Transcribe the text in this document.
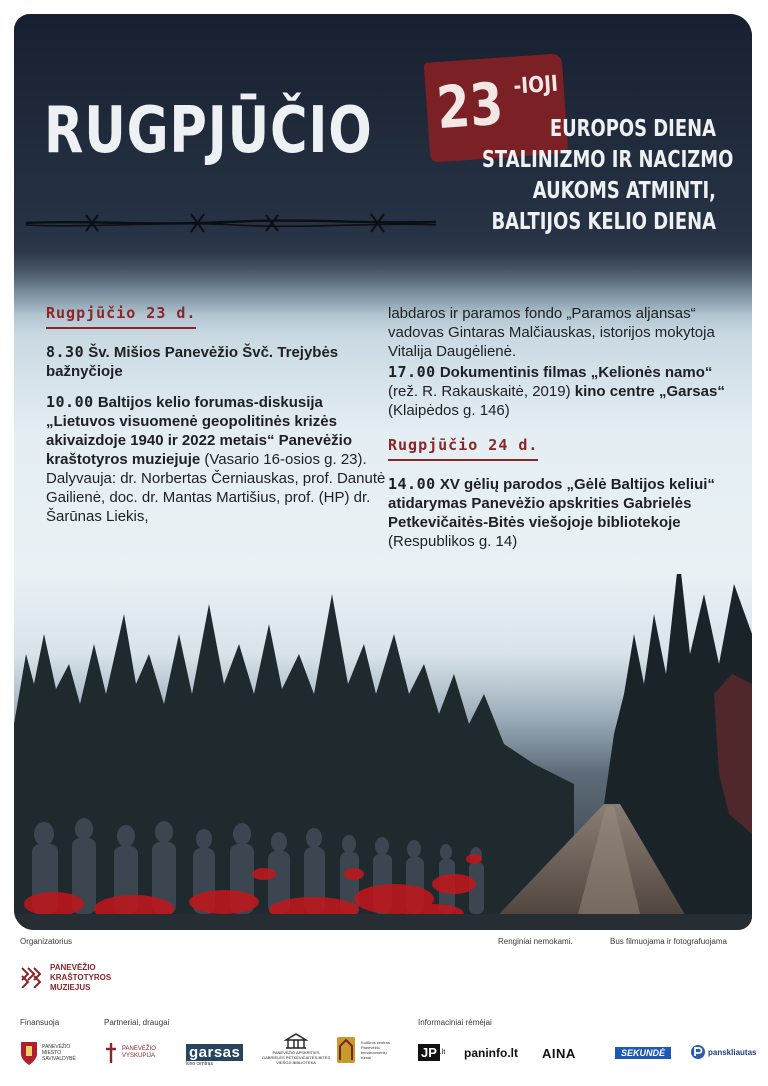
RUGPJŪČIO 23 -IOJI
EUROPOS DIENA
STALINIZMO IR NACIZMO
AUKOMS ATMINTI,
BALTIJOS KELIO DIENA
Rugpjūčio 23 d.
8.30 Šv. Mišios Panevėžio Švč. Trejybės bažnyčioje
10.00 Baltijos kelio forumas-diskusija „Lietuvos visuomenė geopolitinės krizės akivaizdoje 1940 ir 2022 metais“ Panevėžio kraštotyros muziejuje (Vasario 16-osios g. 23). Dalyvauja: dr. Norbertas Černiauskas, prof. Danutė Gailienė, doc. dr. Mantas Martišius, prof. (HP) dr. Šarūnas Liekis,
labdaros ir paramos fondo „Paramos aljansas“ vadovas Gintaras Malčiauskas, istorijos mokytoja Vitalija Daugėlienė.
17.00 Dokumentinis filmas „Kelionės namo“ (rež. R. Rakauskaitė, 2019) kino centre „Garsas“ (Klaipėdos g. 146)
Rugpjūčio 24 d.
14.00 XV gėlių parodos „Gėlė Baltijos keliui“ atidarymas Panevėžio apskrities Gabrielės Petkevičaitės-Bitės viešojoje bibliotekoje (Respublikos g. 14)
Organizatorius	Renginiai nemokami.	Bus filmuojama ir fotografuojama
PANEVĖŽIO
KRAŠTOTYROS
MUZIEJUS
Finansuoja	Partneriai, draugai	Informaciniai rėmėjai
PANEVĖŽIO
MIESTO
SAVIVALDYBĖ
PANEVĖŽIO
VYSKUPIJA garsas
kino centras
PANEVĖŽIO APSKRITIES
GABRIELĖS PETKEVIČAITĖS-BITĖS
VIEŠOJI BIBLIOTEKA
Kultūros centras
Panevėžio
bendruomenių
rūmai	JP .lt paninfo.lt AINA	SEKUNDĖ	panskliautas
